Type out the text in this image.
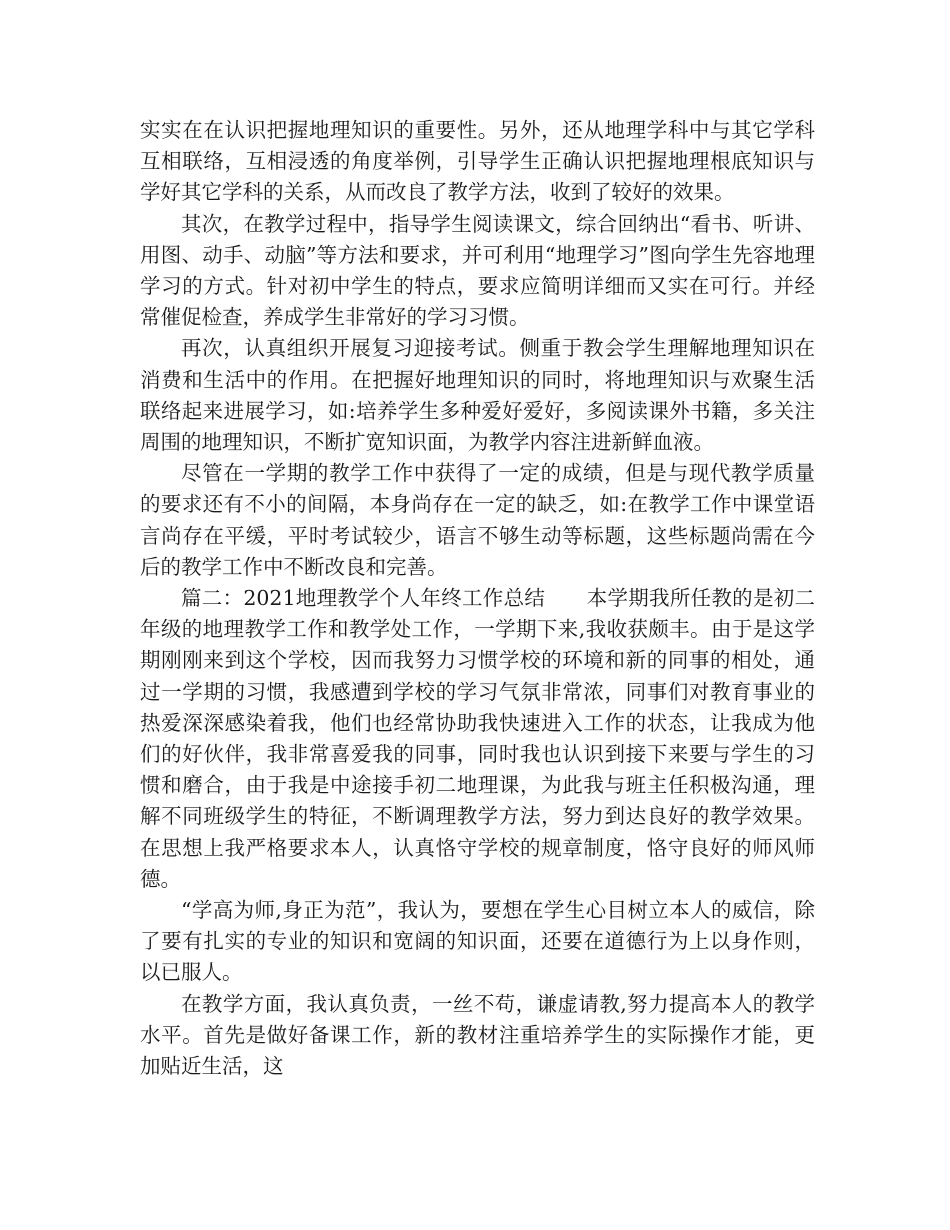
实实在在认识把握地理知识的重要性。另外，还从地理学科中与其它学科互相联络，互相浸透的角度举例，引导学生正确认识把握地理根底知识与学好其它学科的关系，从而改良了教学方法，收到了较好的效果。

其次，在教学过程中，指导学生阅读课文，综合回纳出“看书、听讲、用图、动手、动脑”等方法和要求，并可利用“地理学习”图向学生先容地理学习的方式。针对初中学生的特点，要求应简明详细而又实在可行。并经常催促检查，养成学生非常好的学习习惯。

再次，认真组织开展复习迎接考试。侧重于教会学生理解地理知识在消费和生活中的作用。在把握好地理知识的同时，将地理知识与欢聚生活联络起来进展学习，如:培养学生多种爱好爱好，多阅读课外书籍，多关注周围的地理知识，不断扩宽知识面，为教学内容注进新鲜血液。

尽管在一学期的教学工作中获得了一定的成绩，但是与现代教学质量的要求还有不小的间隔，本身尚存在一定的缺乏，如:在教学工作中课堂语言尚存在平缓，平时考试较少，语言不够生动等标题，这些标题尚需在今后的教学工作中不断改良和完善。

篇二：2021地理教学个人年终工作总结　　本学期我所任教的是初二年级的地理教学工作和教学处工作，一学期下来,我收获颇丰。由于是这学期刚刚来到这个学校，因而我努力习惯学校的环境和新的同事的相处，通过一学期的习惯，我感遭到学校的学习气氛非常浓，同事们对教育事业的热爱深深感染着我，他们也经常协助我快速进入工作的状态，让我成为他们的好伙伴，我非常喜爱我的同事，同时我也认识到接下来要与学生的习惯和磨合，由于我是中途接手初二地理课，为此我与班主任积极沟通，理解不同班级学生的特征，不断调理教学方法，努力到达良好的教学效果。在思想上我严格要求本人，认真恪守学校的规章制度，恪守良好的师风师德。

“学高为师,身正为范”，我认为，要想在学生心目树立本人的威信，除了要有扎实的专业的知识和宽阔的知识面，还要在道德行为上以身作则，以已服人。

在教学方面，我认真负责，一丝不苟，谦虚请教,努力提高本人的教学水平。首先是做好备课工作，新的教材注重培养学生的实际操作才能，更加贴近生活，这
